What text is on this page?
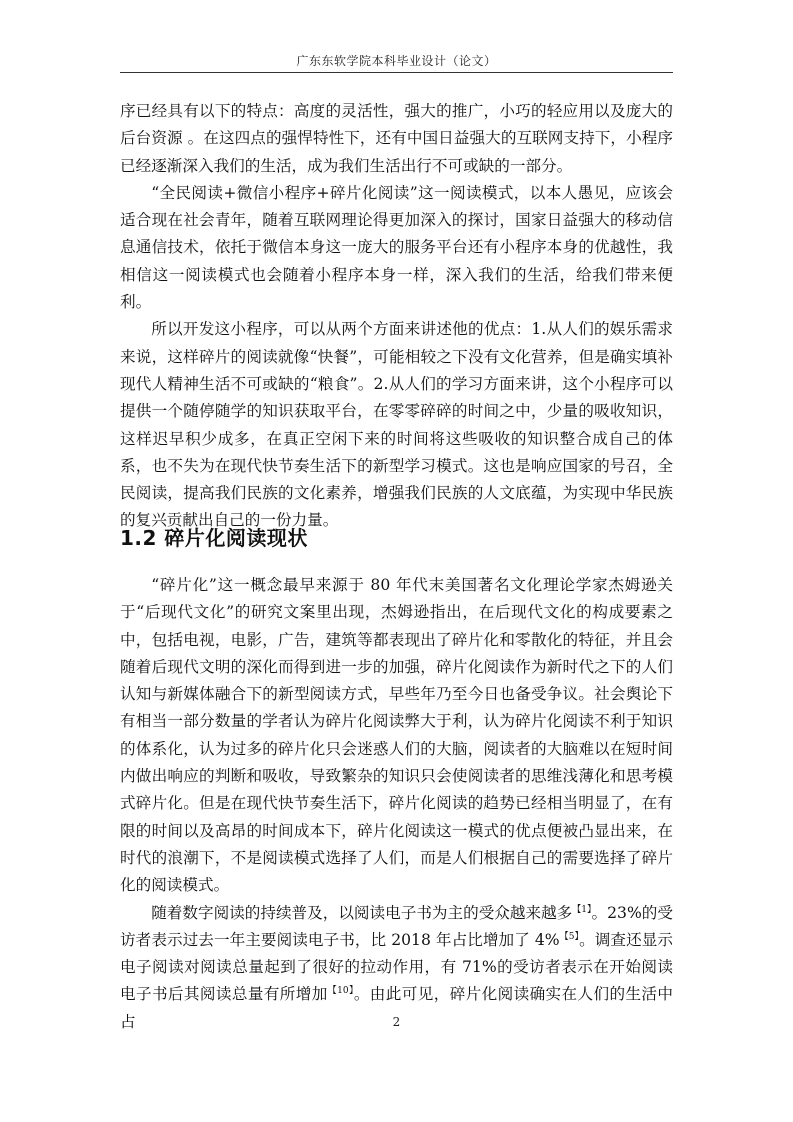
广东东软学院本科毕业设计（论文）

序已经具有以下的特点：高度的灵活性，强大的推广，小巧的轻应用以及庞大的后台资源 。在这四点的强悍特性下，还有中国日益强大的互联网支持下，小程序已经逐渐深入我们的生活，成为我们生活出行不可或缺的一部分。

“全民阅读+微信小程序+碎片化阅读”这一阅读模式，以本人愚见，应该会适合现在社会青年，随着互联网理论得更加深入的探讨，国家日益强大的移动信息通信技术，依托于微信本身这一庞大的服务平台还有小程序本身的优越性，我相信这一阅读模式也会随着小程序本身一样，深入我们的生活，给我们带来便利。

所以开发这小程序，可以从两个方面来讲述他的优点：1.从人们的娱乐需求来说，这样碎片的阅读就像“快餐”，可能相较之下没有文化营养，但是确实填补现代人精神生活不可或缺的“粮食”。2.从人们的学习方面来讲，这个小程序可以提供一个随停随学的知识获取平台，在零零碎碎的时间之中，少量的吸收知识，这样迟早积少成多，在真正空闲下来的时间将这些吸收的知识整合成自己的体系，也不失为在现代快节奏生活下的新型学习模式。这也是响应国家的号召，全民阅读，提高我们民族的文化素养，增强我们民族的人文底蕴，为实现中华民族的复兴贡献出自己的一份力量。

1.2 碎片化阅读现状

“碎片化”这一概念最早来源于 80 年代末美国著名文化理论学家杰姆逊关于“后现代文化”的研究文案里出现，杰姆逊指出，在后现代文化的构成要素之中，包括电视，电影，广告，建筑等都表现出了碎片化和零散化的特征，并且会随着后现代文明的深化而得到进一步的加强，碎片化阅读作为新时代之下的人们认知与新媒体融合下的新型阅读方式，早些年乃至今日也备受争议。社会舆论下有相当一部分数量的学者认为碎片化阅读弊大于利，认为碎片化阅读不利于知识的体系化，认为过多的碎片化只会迷惑人们的大脑，阅读者的大脑难以在短时间内做出响应的判断和吸收，导致繁杂的知识只会使阅读者的思维浅薄化和思考模式碎片化。但是在现代快节奏生活下，碎片化阅读的趋势已经相当明显了，在有限的时间以及高昂的时间成本下，碎片化阅读这一模式的优点便被凸显出来，在时代的浪潮下，不是阅读模式选择了人们，而是人们根据自己的需要选择了碎片化的阅读模式。

随着数字阅读的持续普及，以阅读电子书为主的受众越来越多$^{【1】}$。23%的受访者表示过去一年主要阅读电子书，比 2018 年占比增加了 4%$^{【5】}$。调查还显示电子阅读对阅读总量起到了很好的拉动作用，有 71%的受访者表示在开始阅读电子书后其阅读总量有所增加$^{【10】}$。由此可见，碎片化阅读确实在人们的生活中占	2
